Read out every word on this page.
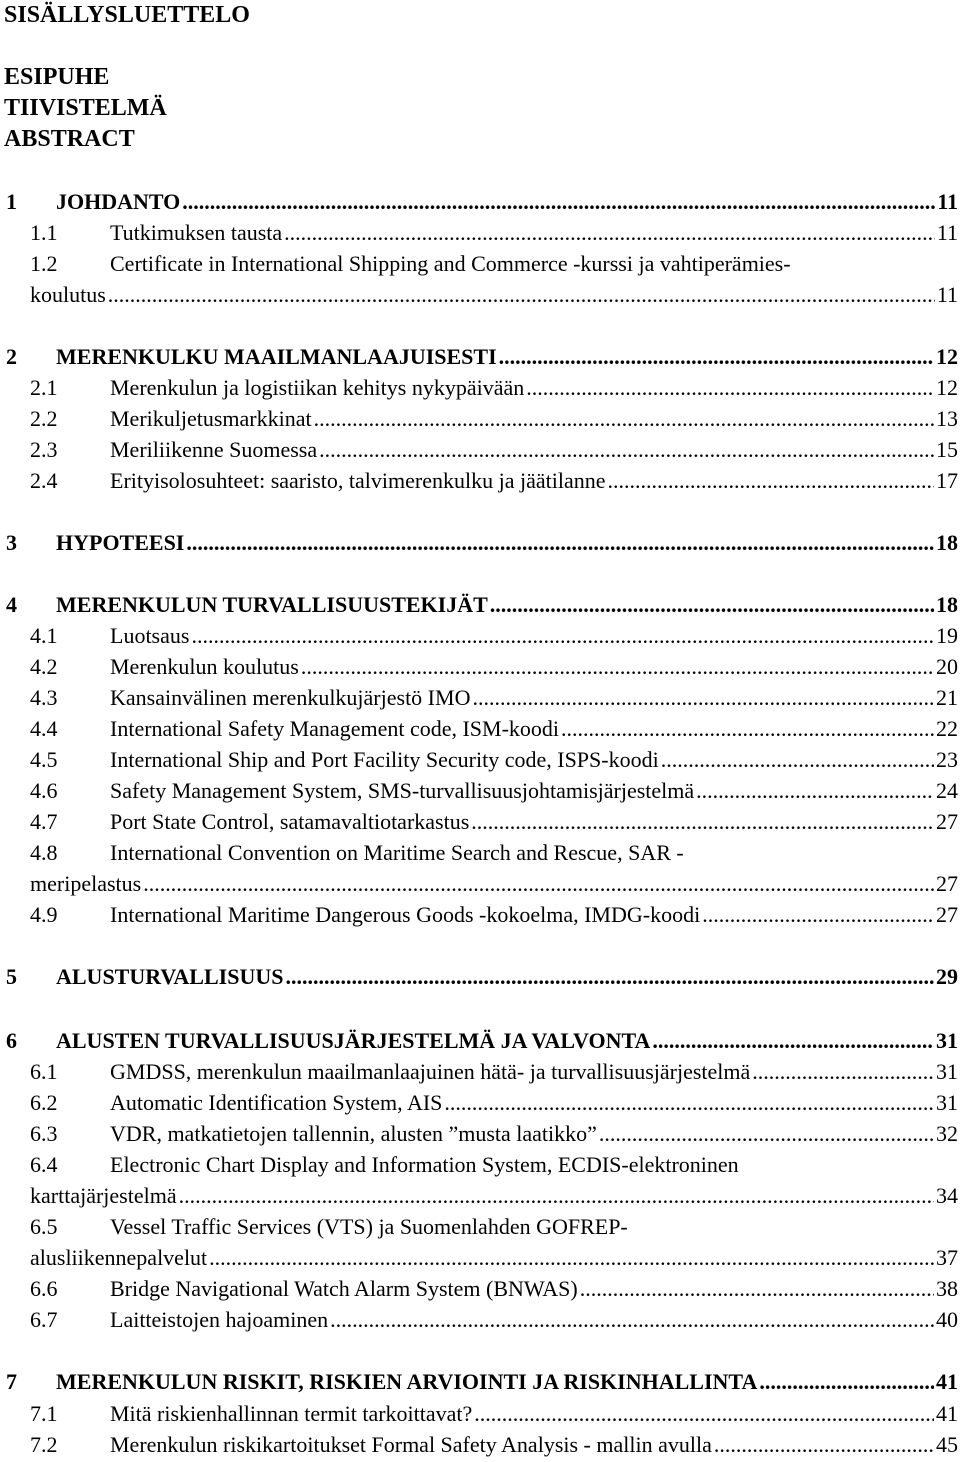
SISÄLLYSLUETTELO
ESIPUHE
TIIVISTELMÄ
ABSTRACT
1 JOHDANTO .....	11
1.1 Tutkimuksen tausta .....	11
1.2 Certificate in International Shipping and Commerce -kurssi ja vahtiperämies-
koulutus .....	11
2 MERENKULKU MAAILMANLAAJUISESTI .....	12
2.1 Merenkulun ja logistiikan kehitys nykypäivään .....	12
2.2 Merikuljetusmarkkinat .....	13
2.3 Meriliikenne Suomessa .....	15
2.4 Erityisolosuhteet: saaristo, talvimerenkulku ja jäätilanne .....	17
3 HYPOTEESI .....	18
4 MERENKULUN TURVALLISUUSTEKIJÄT .....	18
4.1 Luotsaus .....	19
4.2 Merenkulun koulutus .....	20
4.3 Kansainvälinen merenkulkujärjestö IMO .....	21
4.4 International Safety Management code, ISM-koodi .....	22
4.5 International Ship and Port Facility Security code, ISPS-koodi .....	23
4.6 Safety Management System, SMS-turvallisuusjohtamisjärjestelmä .....	24
4.7 Port State Control, satamavaltiotarkastus .....	27
4.8 International Convention on Maritime Search and Rescue, SAR -
meripelastus .....	27
4.9 International Maritime Dangerous Goods -kokoelma, IMDG-koodi .....	27
5 ALUSTURVALLISUUS .....	29
6 ALUSTEN TURVALLISUUSJÄRJESTELMÄ JA VALVONTA .....	31
6.1 GMDSS, merenkulun maailmanlaajuinen hätä- ja turvallisuusjärjestelmä .....	31
6.2 Automatic Identification System, AIS .....	31
6.3 VDR, matkatietojen tallennin, alusten ”musta laatikko” .....	32
6.4 Electronic Chart Display and Information System, ECDIS-elektroninen
karttajärjestelmä .....	34
6.5 Vessel Traffic Services (VTS) ja Suomenlahden GOFREP-
alusliikennepalvelut .....	37
6.6 Bridge Navigational Watch Alarm System (BNWAS) .....	38
6.7 Laitteistojen hajoaminen .....	40
7 MERENKULUN RISKIT, RISKIEN ARVIOINTI JA RISKINHALLINTA .....	41
7.1 Mitä riskienhallinnan termit tarkoittavat? .....	41
7.2 Merenkulun riskikartoitukset Formal Safety Analysis - mallin avulla .....	45
